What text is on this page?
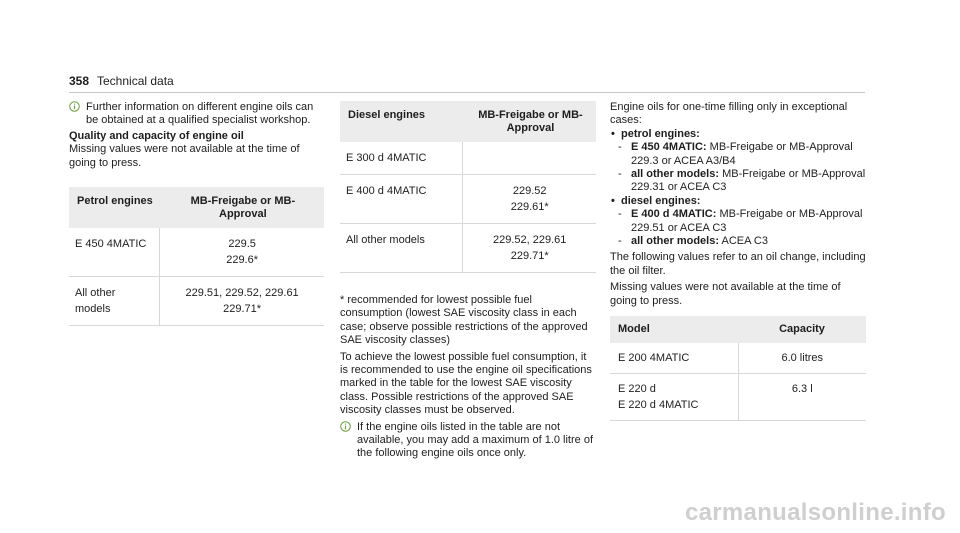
358 Technical data

Further information on different engine oils can be obtained at a qualified specialist workshop.

Quality and capacity of engine oil

Missing values were not available at the time of going to press.

Petrol engines	MB-Freigabe or MB-Approval
E 450 4MATIC	229.5
229.6*

All other models	229.51, 229.52, 229.61
229.71*
Diesel engines	MB-Freigabe or MB-Approval
E 300 d 4MATIC	
E 400 d 4MATIC	229.52
229.61*

All other models	229.52, 229.61
229.71*

* recommended for lowest possible fuel consumption (lowest SAE viscosity class in each case; observe possible restrictions of the approved SAE viscosity classes)

To achieve the lowest possible fuel consumption, it is recommended to use the engine oil specifications marked in the table for the lowest SAE viscosity class. Possible restrictions of the approved SAE viscosity classes must be observed.

If the engine oils listed in the table are not available, you may add a maximum of 1.0 litre of the following engine oils once only.

Engine oils for one-time filling only in exceptional cases:

• petrol engines:
- E 450 4MATIC: MB-Freigabe or MB-Approval 229.3 or ACEA A3/B4
- all other models: MB-Freigabe or MB-Approval 229.31 or ACEA C3
• diesel engines:
- E 400 d 4MATIC: MB-Freigabe or MB-Approval 229.51 or ACEA C3
- all other models: ACEA C3

The following values refer to an oil change, including the oil filter.

Missing values were not available at the time of going to press.

Model	Capacity

E 200 4MATIC	6.0 litres

E 220 d
E 220 d 4MATIC	6.3 l
carmanualsonline.info
